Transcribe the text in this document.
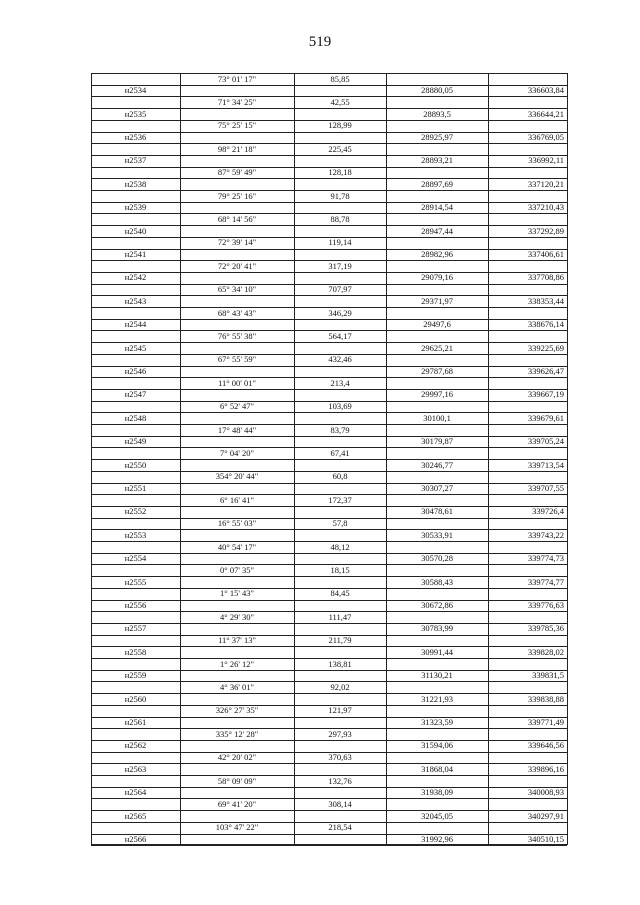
519
73° 01' 17"	85,85
н2534	28880,05	336603,84
71° 34' 25"	42,55
н2535	28893,5	336644,21
75° 25' 15"	128,99
н2536	28925,97	336769,05
98° 21' 18"	225,45
н2537	28893,21	336992,11
87° 59' 49"	128,18
н2538	28897,69	337120,21
79° 25' 16"	91,78
н2539	28914,54	337210,43
68° 14' 56"	88,78
н2540	28947,44	337292,89
72° 39' 14"	119,14
н2541	28982,96	337406,61
72° 20' 41"	317,19
н2542	29079,16	337708,86
65° 34' 10"	707,97
н2543	29371,97	338353,44
68° 43' 43"	346,29
н2544	29497,6	338676,14
76° 55' 38"	564,17
н2545	29625,21	339225,69
67° 55' 59"	432,46
н2546	29787,68	339626,47
11° 00' 01"	213,4
н2547	29997,16	339667,19
6° 52' 47"	103,69
н2548	30100,1	339679,61
17° 48' 44"	83,79
н2549	30179,87	339705,24
7° 04' 20"	67,41
н2550	30246,77	339713,54
354° 20' 44"	60,8
н2551	30307,27	339707,55
6° 16' 41"	172,37
н2552	30478,61	339726,4
16° 55' 03"	57,8
н2553	30533,91	339743,22
40° 54' 17"	48,12
н2554	30570,28	339774,73
0° 07' 35"	18,15
н2555	30588,43	339774,77
1° 15' 43"	84,45
н2556	30672,86	339776,63
4° 29' 30"	111,47
н2557	30783,99	339785,36
11° 37' 13"	211,79
н2558	30991,44	339828,02
1° 26' 12"	138,81
н2559	31130,21	339831,5
4° 36' 01"	92,02
н2560	31221,93	339838,88
326° 27' 35"	121,97
н2561	31323,59	339771,49
335° 12' 28"	297,93
н2562	31594,06	339646,56
42° 20' 02"	370,63
н2563	31868,04	339896,16
58° 09' 09"	132,76
н2564	31938,09	340008,93
69° 41' 20"	308,14
н2565	32045,05	340297,91
103° 47' 22"	218,54
н2566	31992,96	340510,15
